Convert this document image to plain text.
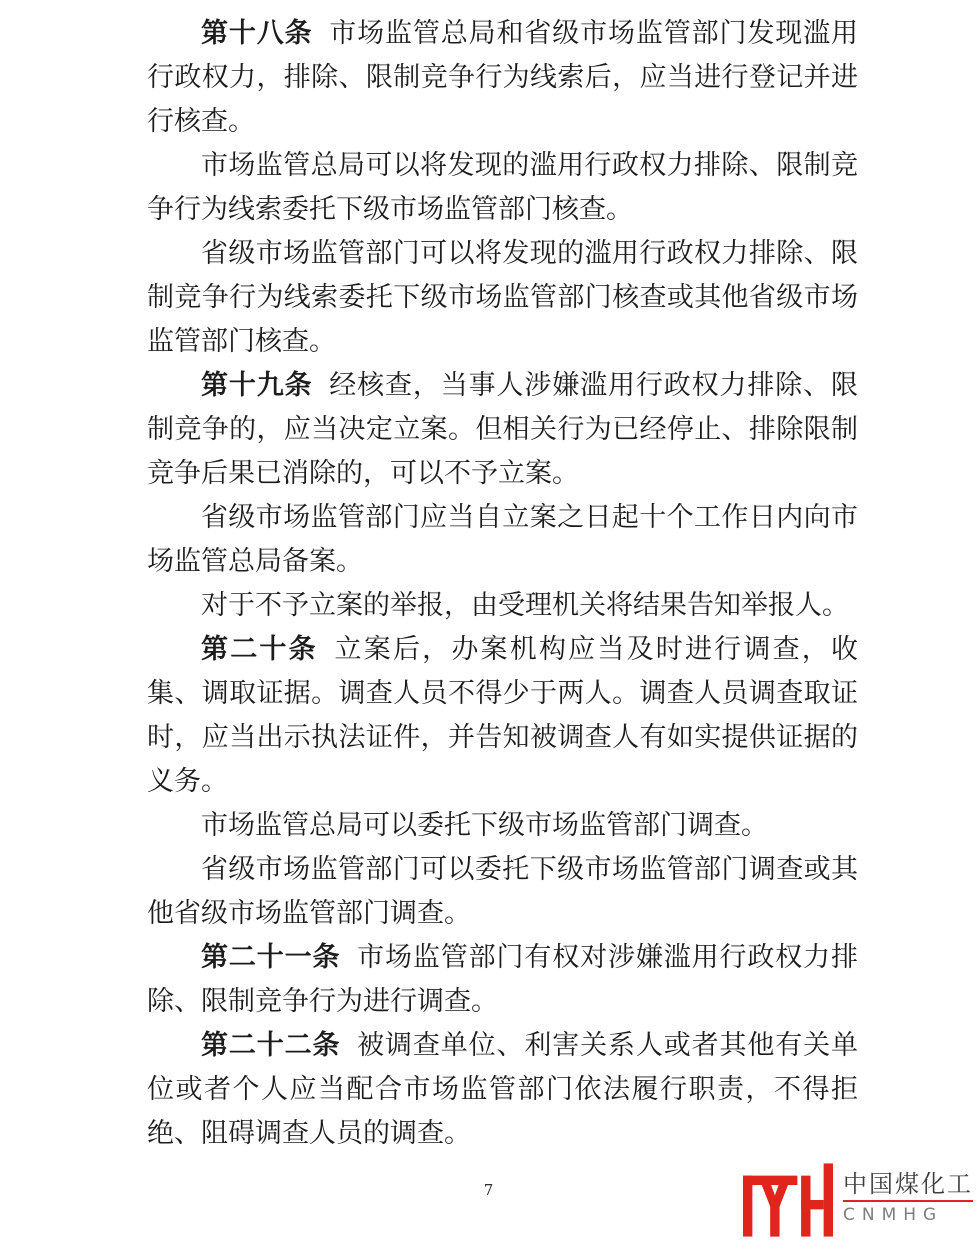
第十八条 市场监管总局和省级市场监管部门发现滥用行政权力，排除、限制竞争行为线索后，应当进行登记并进行核查。

市场监管总局可以将发现的滥用行政权力排除、限制竞争行为线索委托下级市场监管部门核查。

省级市场监管部门可以将发现的滥用行政权力排除、限制竞争行为线索委托下级市场监管部门核查或其他省级市场监管部门核查。

第十九条 经核查，当事人涉嫌滥用行政权力排除、限制竞争的，应当决定立案。但相关行为已经停止、排除限制竞争后果已消除的，可以不予立案。

省级市场监管部门应当自立案之日起十个工作日内向市场监管总局备案。

对于不予立案的举报，由受理机关将结果告知举报人。

第二十条 立案后，办案机构应当及时进行调查，收集、调取证据。调查人员不得少于两人。调查人员调查取证时，应当出示执法证件，并告知被调查人有如实提供证据的义务。

市场监管总局可以委托下级市场监管部门调查。

省级市场监管部门可以委托下级市场监管部门调查或其他省级市场监管部门调查。

第二十一条 市场监管部门有权对涉嫌滥用行政权力排除、限制竞争行为进行调查。

第二十二条 被调查单位、利害关系人或者其他有关单位或者个人应当配合市场监管部门依法履行职责，不得拒绝、阻碍调查人员的调查。

7	中国煤化工
CNMHG
